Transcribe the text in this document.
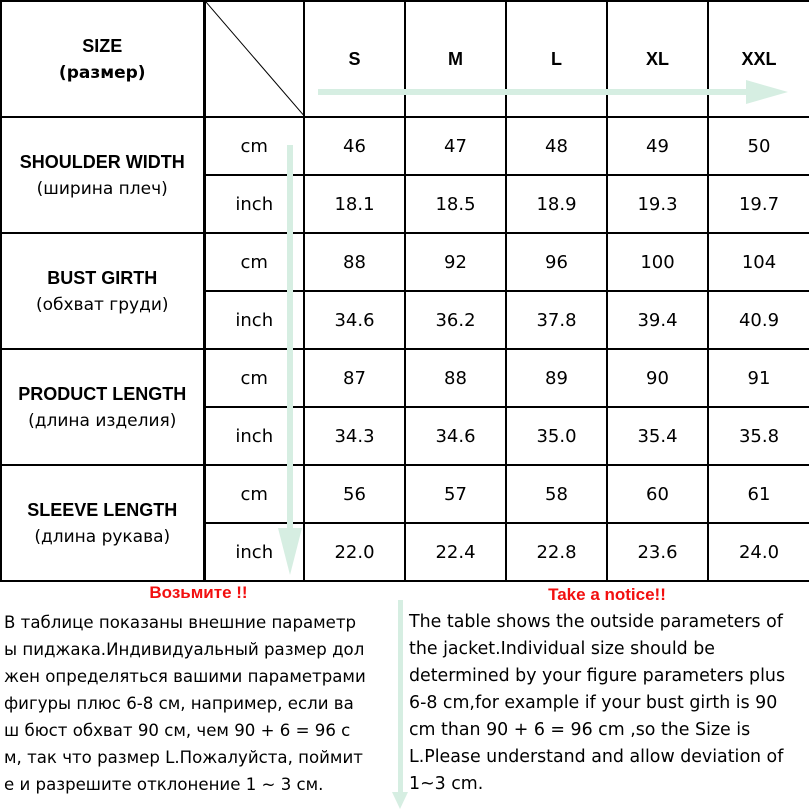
SIZE
(размер)		S	M	L	XL	XXL

SHOULDER WIDTH
(ширина плеч)	cm	46	47	48	49	50
	inch	18.1	18.5	18.9	19.3	19.7

BUST GIRTH
(обхват груди)	cm	88	92	96	100	104
	inch	34.6	36.2	37.8	39.4	40.9

PRODUCT LENGTH
(длина изделия)	cm	87	88	89	90	91
	inch	34.3	34.6	35.0	35.4	35.8

SLEEVE LENGTH
(длина рукава)	cm	56	57	58	60	61
	inch	22.0	22.4	22.8	23.6	24.0
Возьмите !!
В таблице показаны внешние параметр
ы пиджака.Индивидуальный размер дол
жен определяться вашими параметрами
фигуры плюс 6-8 см, например, если ва
ш бюст обхват 90 см, чем 90 + 6 = 96 с
м, так что размер L.Пожалуйста, поймит
е и разрешите отклонение 1 ~ 3 см.
Take a notice!!
The table shows the outside parameters of
the jacket.Individual size should be
determined by your figure parameters plus
6-8 cm,for example if your bust girth is 90
cm than 90 + 6 = 96 cm ,so the Size is
L.Please understand and allow deviation of
1~3 cm.
